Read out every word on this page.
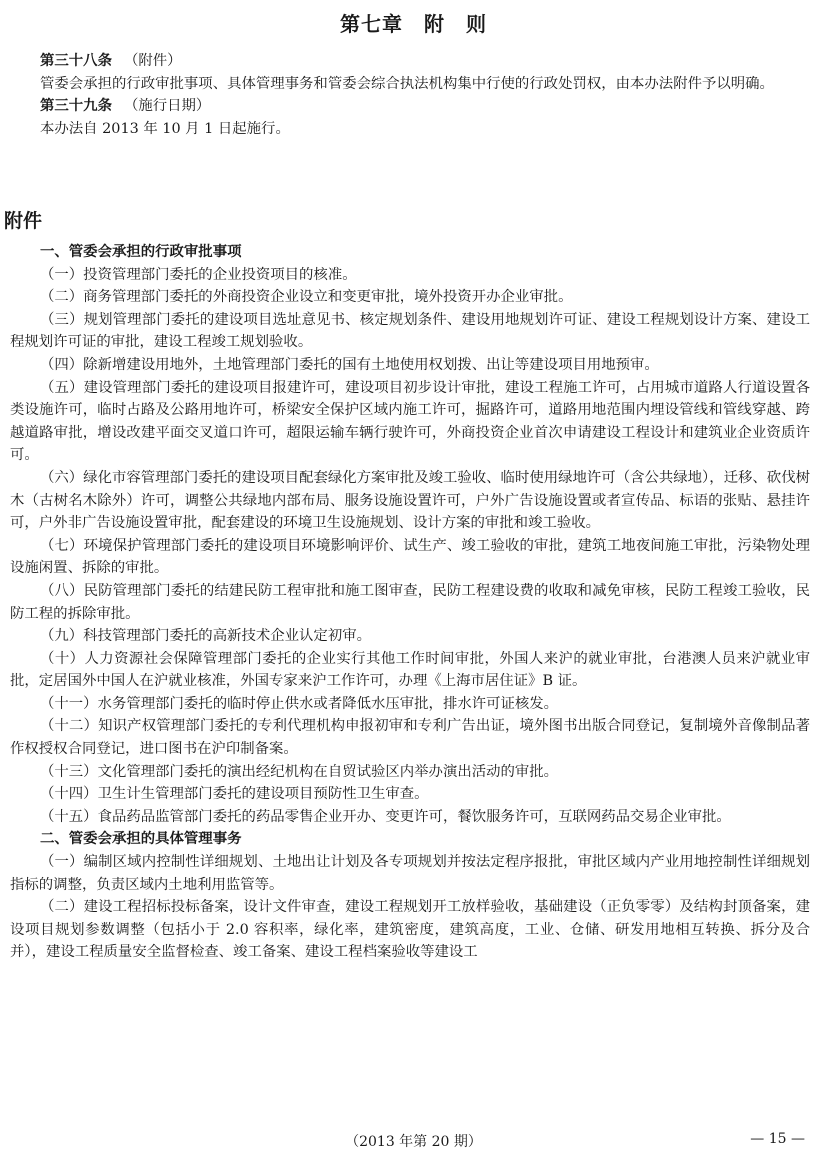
第七章　附　则

第三十八条 （附件）

管委会承担的行政审批事项、具体管理事务和管委会综合执法机构集中行使的行政处罚权，由本办法附件予以明确。

第三十九条 （施行日期）

本办法自 2013 年 10 月 1 日起施行。

附件

一、管委会承担的行政审批事项

（一）投资管理部门委托的企业投资项目的核准。

（二）商务管理部门委托的外商投资企业设立和变更审批，境外投资开办企业审批。

（三）规划管理部门委托的建设项目选址意见书、核定规划条件、建设用地规划许可证、建设工程规划设计方案、建设工程规划许可证的审批，建设工程竣工规划验收。

（四）除新增建设用地外，土地管理部门委托的国有土地使用权划拨、出让等建设项目用地预审。

（五）建设管理部门委托的建设项目报建许可，建设项目初步设计审批，建设工程施工许可，占用城市道路人行道设置各类设施许可，临时占路及公路用地许可，桥梁安全保护区域内施工许可，掘路许可，道路用地范围内埋设管线和管线穿越、跨越道路审批，增设改建平面交叉道口许可，超限运输车辆行驶许可，外商投资企业首次申请建设工程设计和建筑业企业资质许可。

（六）绿化市容管理部门委托的建设项目配套绿化方案审批及竣工验收、临时使用绿地许可（含公共绿地），迁移、砍伐树木（古树名木除外）许可，调整公共绿地内部布局、服务设施设置许可，户外广告设施设置或者宣传品、标语的张贴、悬挂许可，户外非广告设施设置审批，配套建设的环境卫生设施规划、设计方案的审批和竣工验收。

（七）环境保护管理部门委托的建设项目环境影响评价、试生产、竣工验收的审批，建筑工地夜间施工审批，污染物处理设施闲置、拆除的审批。

（八）民防管理部门委托的结建民防工程审批和施工图审查，民防工程建设费的收取和减免审核，民防工程竣工验收，民防工程的拆除审批。

（九）科技管理部门委托的高新技术企业认定初审。

（十）人力资源社会保障管理部门委托的企业实行其他工作时间审批，外国人来沪的就业审批，台港澳人员来沪就业审批，定居国外中国人在沪就业核准，外国专家来沪工作许可，办理《上海市居住证》B 证。

（十一）水务管理部门委托的临时停止供水或者降低水压审批，排水许可证核发。

（十二）知识产权管理部门委托的专利代理机构申报初审和专利广告出证，境外图书出版合同登记，复制境外音像制品著作权授权合同登记，进口图书在沪印制备案。

（十三）文化管理部门委托的演出经纪机构在自贸试验区内举办演出活动的审批。

（十四）卫生计生管理部门委托的建设项目预防性卫生审查。

（十五）食品药品监管部门委托的药品零售企业开办、变更许可，餐饮服务许可，互联网药品交易企业审批。

二、管委会承担的具体管理事务

（一）编制区域内控制性详细规划、土地出让计划及各专项规划并按法定程序报批，审批区域内产业用地控制性详细规划指标的调整，负责区域内土地利用监管等。

（二）建设工程招标投标备案，设计文件审查，建设工程规划开工放样验收，基础建设（正负零零）及结构封顶备案，建设项目规划参数调整（包括小于 2.0 容积率，绿化率，建筑密度，建筑高度，工业、仓储、研发用地相互转换、拆分及合并），建设工程质量安全监督检查、竣工备案、建设工程档案验收等建设工

（2013 年第 20 期）	— 15 —
